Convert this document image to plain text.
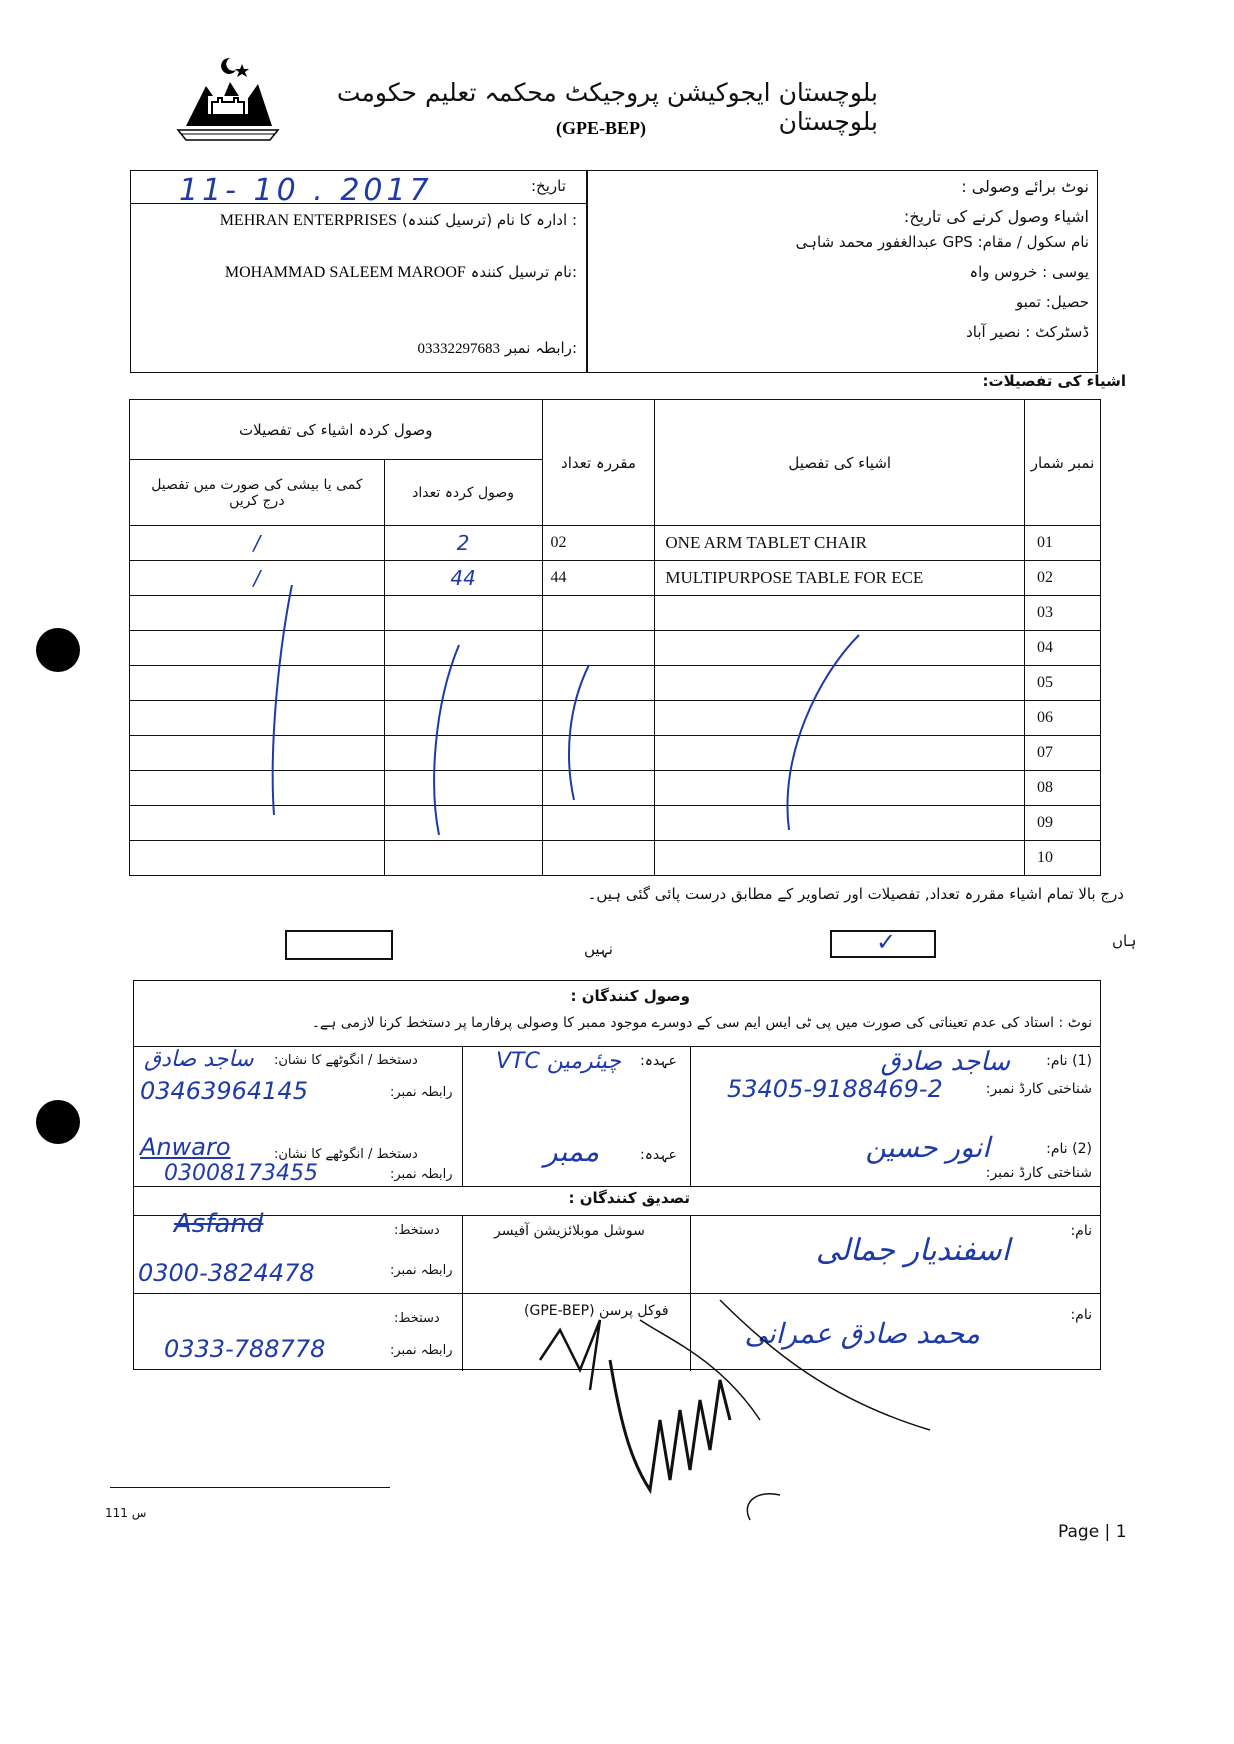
بلوچستان ایجوکیشن پروجیکٹ محکمہ تعلیم حکومت بلوچستان
(GPE-BEP)
11- 10 . 2017	تاریخ:
MEHRAN ENTERPRISES ادارہ کا نام (ترسیل کنندہ) :
MOHAMMAD SALEEM MAROOF نام ترسیل کنندہ:
03332297683 رابطہ نمبر:
نوٹ برائے وصولی :
اشیاء وصول کرنے کی تاریخ:
نام سکول / مقام: GPS عبدالغفور محمد شاہی
یوسی : خروس واہ
حصیل: تمبو
ڈسٹرکٹ : نصیر آباد
اشیاء کی تفصیلات:
وصول کردہ اشیاء کی تفصیلات		مقررہ تعداد	اشیاء کی تفصیل	نمبر شمار
کمی یا بیشی کی صورت میں تفصیل درج کریں	وصول کردہ تعداد			
/	2	02	ONE ARM TABLET CHAIR	01
/	44	44	MULTIPURPOSE TABLE FOR ECE	02
				03
				04
				05
				06
				07
				08
				09
				10
درج بالا تمام اشیاء مقررہ تعداد, تفصیلات اور تصاویر کے مطابق درست پائی گئی ہیں۔
ہاں
✓
نہیں
وصول کنندگان :
نوٹ : استاد کی عدم تعیناتی کی صورت میں پی ٹی ایس ایم سی کے دوسرے موجود ممبر کا وصولی پرفارما پر دستخط کرنا لازمی ہے۔
(1) نام:
ساجد صادق
شناختی کارڈ نمبر:
53405-9188469-2
عہدہ:
VTC چیئرمین
دستخط / انگوٹھے کا نشان:
ساجد صادق
رابطہ نمبر:
03463964145
(2) نام:
انور حسین
شناختی کارڈ نمبر:
عہدہ:
ممبر
دستخط / انگوٹھے کا نشان:
Anwaro
رابطہ نمبر:
03008173455
تصدیق کنندگان :
نام:
اسفندیار جمالی
سوشل موبلائزیشن آفیسر
دستخط:
Asfand
رابطہ نمبر:
0300-3824478
نام:
محمد صادق عمرانی
فوکل پرسن (GPE-BEP)
دستخط:
رابطہ نمبر:
0333-788778
س 111
Page | 1
